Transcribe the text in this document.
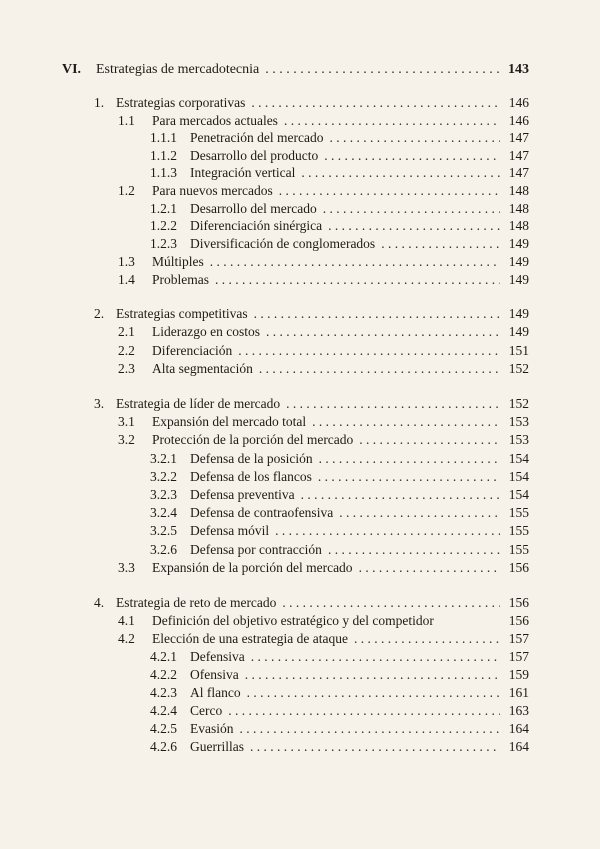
VI.	Estrategias de mercadotecnia . . .	143
1. Estrategias corporativas . . .	146
1.1	Para mercados actuales . . .	146
1.1.1 Penetración del mercado . . .	147
1.1.2 Desarrollo del producto . . .	147
1.1.3 Integración vertical . . .	147
1.2	Para nuevos mercados . . .	148
1.2.1 Desarrollo del mercado . . .	148
1.2.2 Diferenciación sinérgica . . .	148
1.2.3 Diversificación de conglomerados . . .	149
1.3	Múltiples . . .	149
1.4	Problemas . . .	149
2. Estrategias competitivas . . .	149
2.1	Liderazgo en costos . . .	149
2.2	Diferenciación . . .	151
2.3	Alta segmentación . . .	152
3. Estrategia de líder de mercado . . .	152
3.1	Expansión del mercado total . . .	153
3.2	Protección de la porción del mercado . . .	153
3.2.1 Defensa de la posición . . .	154
3.2.2 Defensa de los flancos . . .	154
3.2.3 Defensa preventiva . . .	154
3.2.4 Defensa de contraofensiva . . .	155
3.2.5 Defensa móvil . . .	155
3.2.6 Defensa por contracción . . .	155
3.3	Expansión de la porción del mercado . . .	156
4. Estrategia de reto de mercado . . .	156
4.1	Definición del objetivo estratégico y del competidor	156
4.2	Elección de una estrategia de ataque . . .	157
4.2.1 Defensiva . . .	157
4.2.2 Ofensiva . . .	159
4.2.3 Al flanco . . .	161
4.2.4 Cerco . . .	163
4.2.5 Evasión . . .	164
4.2.6 Guerrillas . . .	164
